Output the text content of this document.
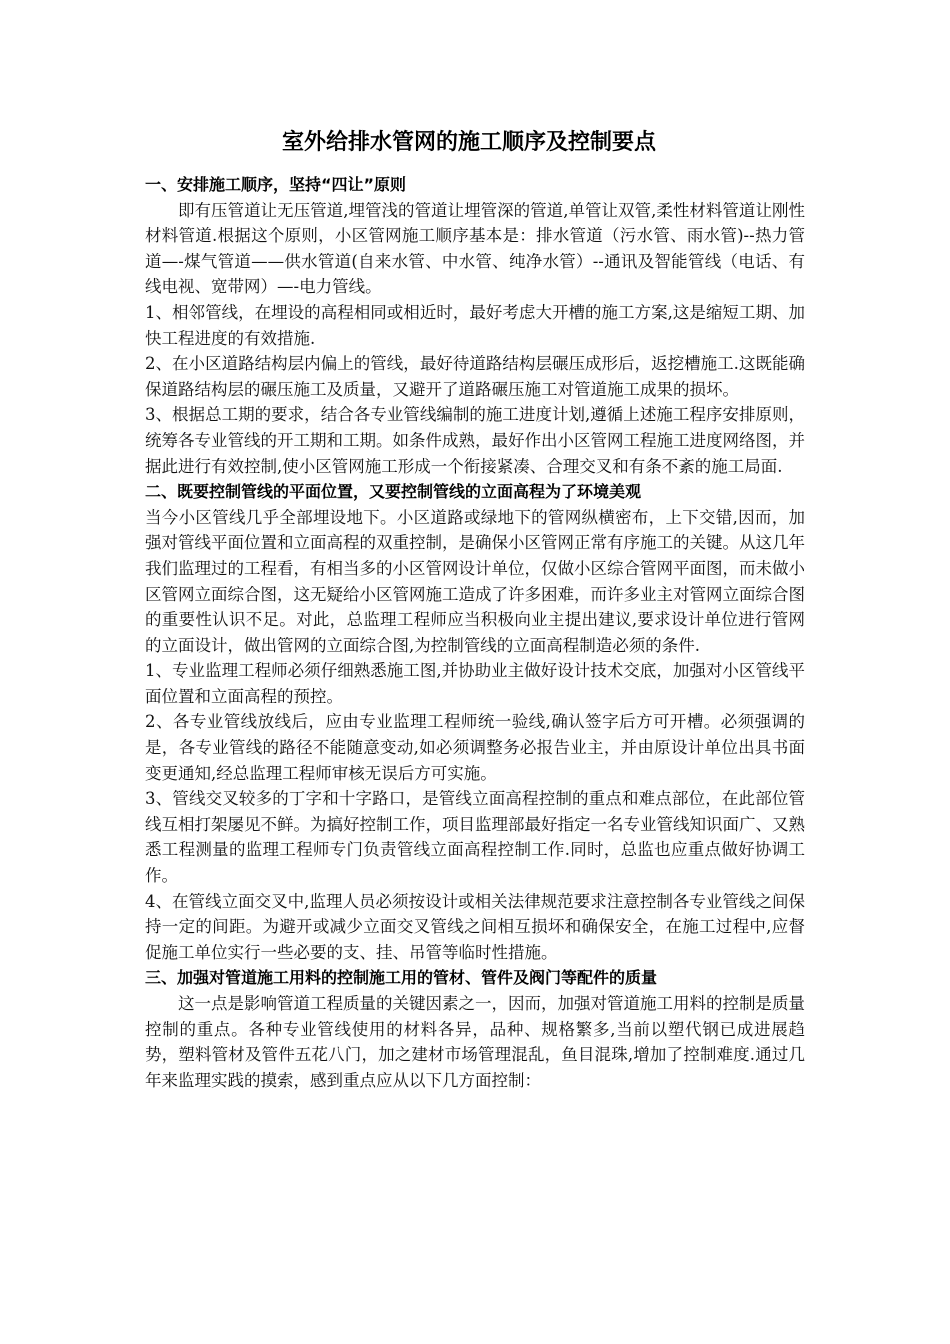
室外给排水管网的施工顺序及控制要点

一、安排施工顺序，坚持“四让”原则

即有压管道让无压管道,埋管浅的管道让埋管深的管道,单管让双管,柔性材料管道让刚性材料管道.根据这个原则，小区管网施工顺序基本是：排水管道（污水管、雨水管)--热力管道—-煤气管道——供水管道(自来水管、中水管、纯净水管）--通讯及智能管线（电话、有线电视、宽带网）—-电力管线。

1、相邻管线，在埋设的高程相同或相近时，最好考虑大开槽的施工方案,这是缩短工期、加快工程进度的有效措施.

2、在小区道路结构层内偏上的管线，最好待道路结构层碾压成形后，返挖槽施工.这既能确保道路结构层的碾压施工及质量，又避开了道路碾压施工对管道施工成果的损坏。

3、根据总工期的要求，结合各专业管线编制的施工进度计划,遵循上述施工程序安排原则，统筹各专业管线的开工期和工期。如条件成熟，最好作出小区管网工程施工进度网络图，并据此进行有效控制,使小区管网施工形成一个衔接紧凑、合理交叉和有条不紊的施工局面.

二、既要控制管线的平面位置，又要控制管线的立面高程为了环境美观

当今小区管线几乎全部埋设地下。小区道路或绿地下的管网纵横密布，上下交错,因而，加强对管线平面位置和立面高程的双重控制，是确保小区管网正常有序施工的关键。从这几年我们监理过的工程看，有相当多的小区管网设计单位，仅做小区综合管网平面图，而未做小区管网立面综合图，这无疑给小区管网施工造成了许多困难，而许多业主对管网立面综合图的重要性认识不足。对此，总监理工程师应当积极向业主提出建议,要求设计单位进行管网的立面设计，做出管网的立面综合图,为控制管线的立面高程制造必须的条件.

1、专业监理工程师必须仔细熟悉施工图,并协助业主做好设计技术交底，加强对小区管线平面位置和立面高程的预控。

2、各专业管线放线后，应由专业监理工程师统一验线,确认签字后方可开槽。必须强调的是，各专业管线的路径不能随意变动,如必须调整务必报告业主，并由原设计单位出具书面变更通知,经总监理工程师审核无误后方可实施。

3、管线交叉较多的丁字和十字路口，是管线立面高程控制的重点和难点部位，在此部位管线互相打架屡见不鲜。为搞好控制工作，项目监理部最好指定一名专业管线知识面广、又熟悉工程测量的监理工程师专门负责管线立面高程控制工作.同时，总监也应重点做好协调工作。

4、在管线立面交叉中,监理人员必须按设计或相关法律规范要求注意控制各专业管线之间保持一定的间距。为避开或减少立面交叉管线之间相互损坏和确保安全，在施工过程中,应督促施工单位实行一些必要的支、挂、吊管等临时性措施。

三、加强对管道施工用料的控制施工用的管材、管件及阀门等配件的质量

这一点是影响管道工程质量的关键因素之一，因而，加强对管道施工用料的控制是质量控制的重点。各种专业管线使用的材料各异，品种、规格繁多,当前以塑代钢已成进展趋势，塑料管材及管件五花八门，加之建材市场管理混乱，鱼目混珠,增加了控制难度.通过几年来监理实践的摸索，感到重点应从以下几方面控制：
